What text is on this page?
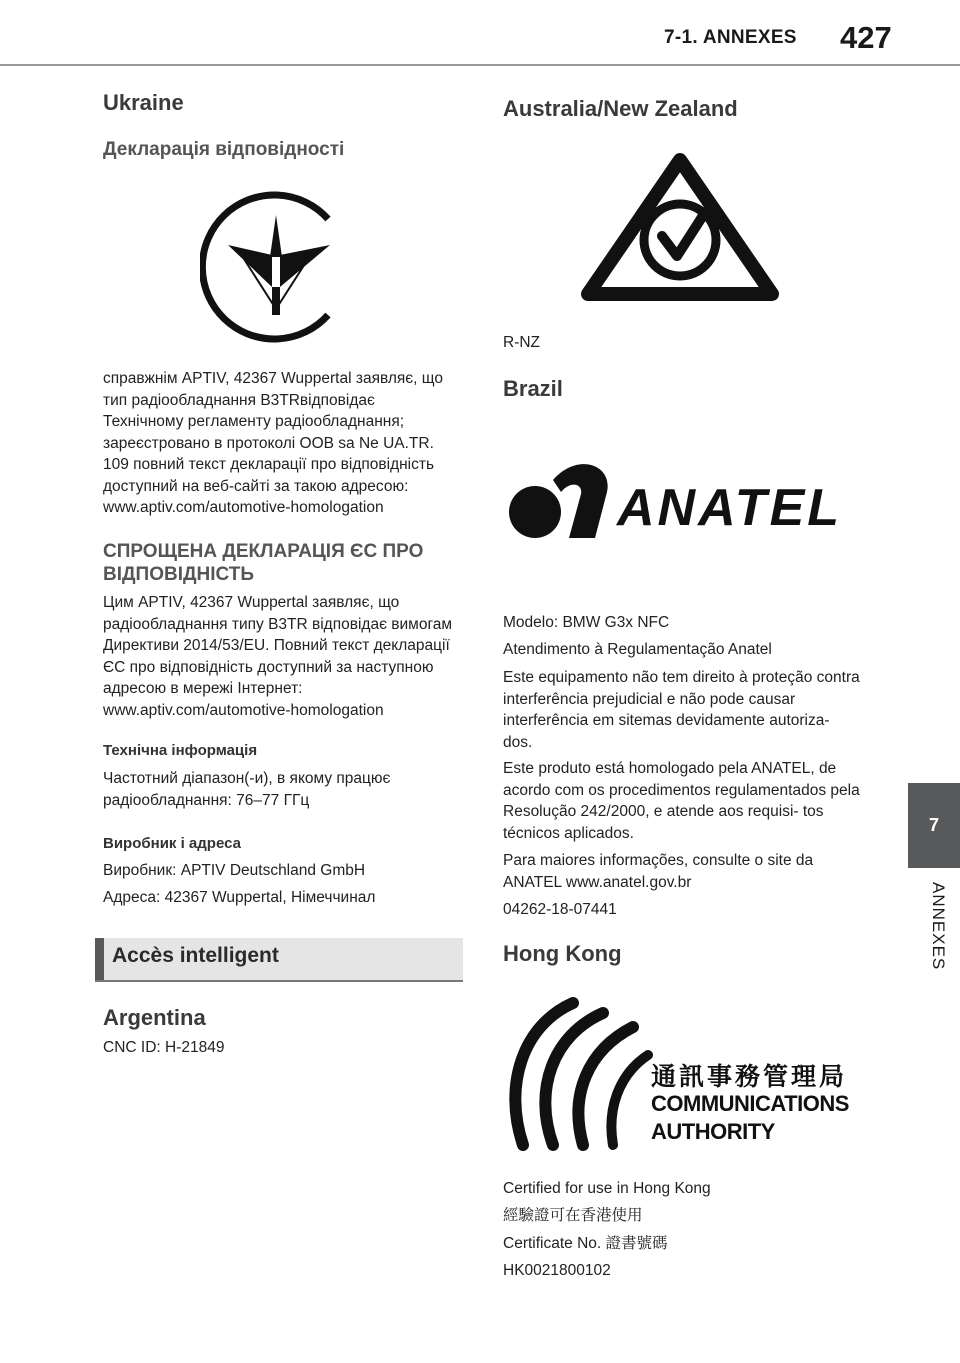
7-1. ANNEXES 427
7
ANNEXES
Ukraine
Декларація відповідності

справжнім APTIV, 42367 Wuppertal заявляє, що тип радіообладнання B3TRвідповідає Технічному регламенту радіообладнання; зареєстровано в протоколі OOB sa Ne UA.TR. 109 повний текст декларації про відповідність доступний на веб-сайті за такою адресою: www.aptiv.com/automotive-homologation

СПРОЩЕНА ДЕКЛАРАЦІЯ ЄС ПРО ВІДПОВІДНІСТЬ

Цим APTIV, 42367 Wuppertal заявляє, що радіообладнання типу B3TR відповідає вимогам Директиви 2014/53/EU. Повний текст декларації ЄС про відповідність доступний за наступною адресою в мережі Інтернет: www.aptiv.com/automotive-homologation

Технічна інформація

Частотний діапазон(-и), в якому працює радіообладнання: 76–77 ГГц

Виробник і адреса

Виробник: APTIV Deutschland GmbH

Адреса: 42367 Wuppertal, Німеччинaл

Accès intelligent
Argentina

CNC ID: H-21849

Australia/New Zealand

R-NZ

Brazil
ANATEL

Modelo: BMW G3x NFC

Atendimento à Regulamentação Anatel

Este equipamento não tem direito à proteção contra interferência prejudicial e não pode causar interferência em sitemas devidamente autoriza- dos.

Este produto está homologado pela ANATEL, de acordo com os procedimentos regulamentados pela Resolução 242/2000, e atende aos requisi- tos técnicos aplicados.

Para maiores informações, consulte o site da ANATEL www.anatel.gov.br

04262-18-07441

Hong Kong
通訊事務管理局
COMMUNICATIONS
AUTHORITY

Certified for use in Hong Kong

經驗證可在香港使用

Certificate No. 證書號碼

HK0021800102
